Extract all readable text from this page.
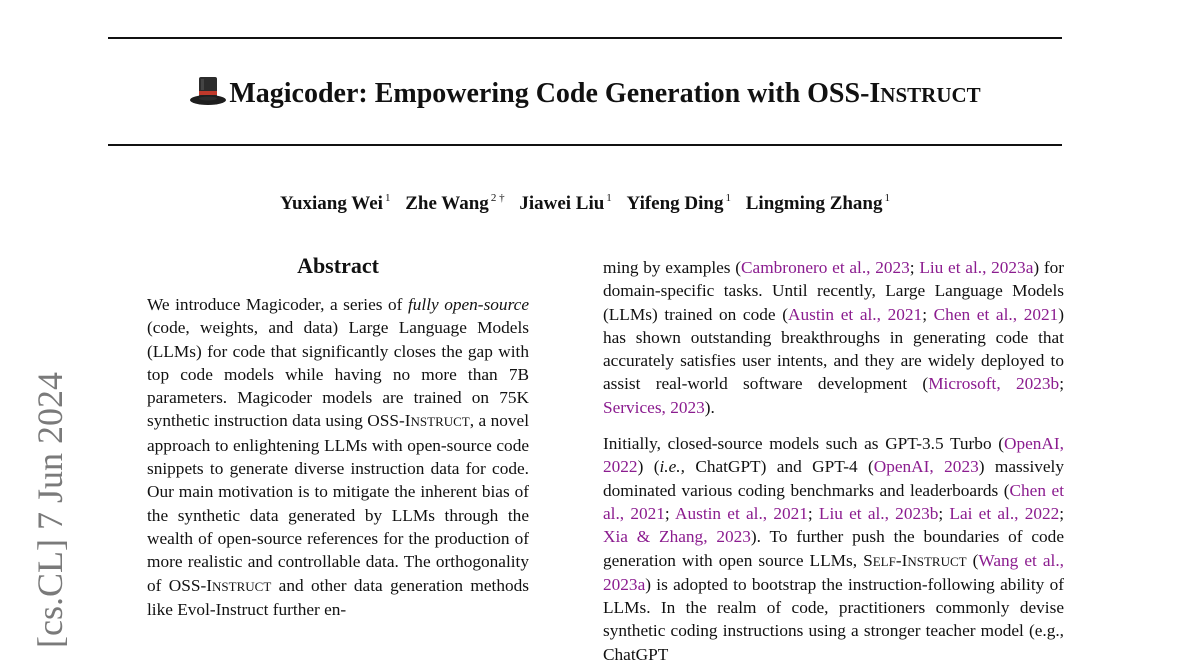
Magicoder: Empowering Code Generation with OSS-INSTRUCT
Yuxiang Wei $^1$ Zhe Wang $^{2 \dagger}$ Jiawei Liu $^1$ Yifeng Ding $^1$ Lingming Zhang $^1$
[cs.CL] 7 Jun 2024
Abstract

We introduce Magicoder, a series of fully open-source (code, weights, and data) Large Language Models (LLMs) for code that significantly closes the gap with top code models while having no more than 7B parameters. Magicoder models are trained on 75K synthetic instruction data using OSS-INSTRUCT, a novel approach to enlightening LLMs with open-source code snippets to generate diverse instruction data for code. Our main motivation is to mitigate the inherent bias of the synthetic data generated by LLMs through the wealth of open-source references for the production of more realistic and controllable data. The orthogonality of OSS-INSTRUCT and other data generation methods like Evol-Instruct further en-

ming by examples (Cambronero et al., 2023; Liu et al., 2023a) for domain-specific tasks. Until recently, Large Language Models (LLMs) trained on code (Austin et al., 2021; Chen et al., 2021) has shown outstanding breakthroughs in generating code that accurately satisfies user intents, and they are widely deployed to assist real-world software development (Microsoft, 2023b; Services, 2023).

Initially, closed-source models such as GPT-3.5 Turbo (OpenAI, 2022) (i.e., ChatGPT) and GPT-4 (OpenAI, 2023) massively dominated various coding benchmarks and leaderboards (Chen et al., 2021; Austin et al., 2021; Liu et al., 2023b; Lai et al., 2022; Xia & Zhang, 2023). To further push the boundaries of code generation with open source LLMs, SELF-INSTRUCT (Wang et al., 2023a) is adopted to bootstrap the instruction-following ability of LLMs. In the realm of code, practitioners commonly devise synthetic coding instructions using a stronger teacher model (e.g., ChatGPT
